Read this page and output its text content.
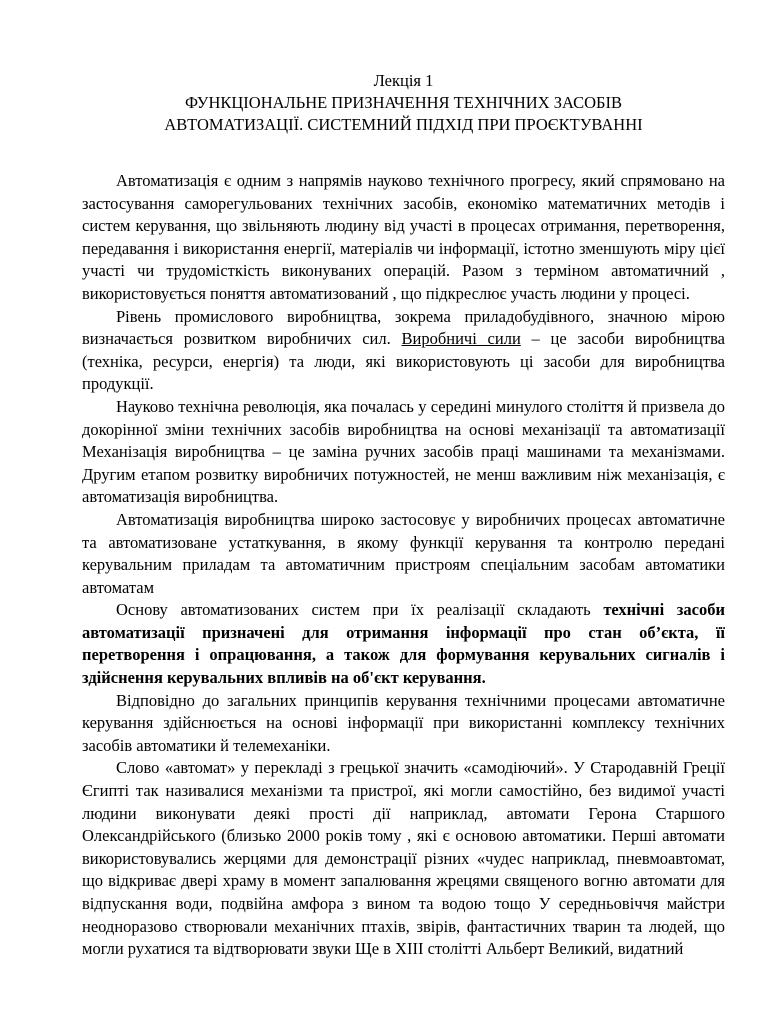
Лекція 1
ФУНКЦІОНАЛЬНЕ ПРИЗНАЧЕННЯ ТЕХНІЧНИХ ЗАСОБІВ
АВТОМАТИЗАЦІЇ. СИСТЕМНИЙ ПІДХІД ПРИ ПРОЄКТУВАННІ

Автоматизація є одним з напрямів науково технічного прогресу, який спрямовано на застосування саморегульованих технічних засобів, економіко математичних методів і систем керування, що звільняють людину від участі в процесах отримання, перетворення, передавання і використання енергії, матеріалів чи інформації, істотно зменшують міру цієї участі чи трудомісткість виконуваних операцій. Разом з терміном автоматичний , використовується поняття автоматизований , що підкреслює участь людини у процесі.

Рівень промислового виробництва, зокрема приладобудівного, значною мірою визначається розвитком виробничих сил. Виробничі сили – це засоби виробництва (техніка, ресурси, енергія) та люди, які використовують ці засоби для виробництва продукції.

Науково технічна революція, яка почалась у середині минулого століття й призвела до докорінної зміни технічних засобів виробництва на основі механізації та автоматизації Механізація виробництва – це заміна ручних засобів праці машинами та механізмами. Другим етапом розвитку виробничих потужностей, не менш важливим ніж механізація, є автоматизація виробництва.

Автоматизація виробництва широко застосовує у виробничих процесах автоматичне та автоматизоване устаткування, в якому функції керування та контролю передані керувальним приладам та автоматичним пристроям спеціальним засобам автоматики автоматам

Основу автоматизованих систем при їх реалізації складають технічні засоби автоматизації призначені для отримання інформації про стан об’єкта, її перетворення і опрацювання, а також для формування керувальних сигналів і здійснення керувальних впливів на об'єкт керування.

Відповідно до загальних принципів керування технічними процесами автоматичне керування здійснюється на основі інформації при використанні комплексу технічних засобів автоматики й телемеханіки.

Слово «автомат» у перекладі з грецької значить «самодіючий». У Стародавній Греції Єгипті так називалися механізми та пристрої, які могли самостійно, без видимої участі людини виконувати деякі прості дії наприклад, автомати Герона Старшого Олександрійського (близько 2000 років тому , які є основою автоматики. Перші автомати використовувались жерцями для демонстрації різних «чудес наприклад, пневмоавтомат, що відкриває двері храму в момент запалювання жрецями священого вогню автомати для відпускання води, подвійна амфора з вином та водою тощо У середньовіччя майстри неодноразово створювали механічних птахів, звірів, фантастичних тварин та людей, що могли рухатися та відтворювати звуки Ще в XIII столітті Альберт Великий, видатний
